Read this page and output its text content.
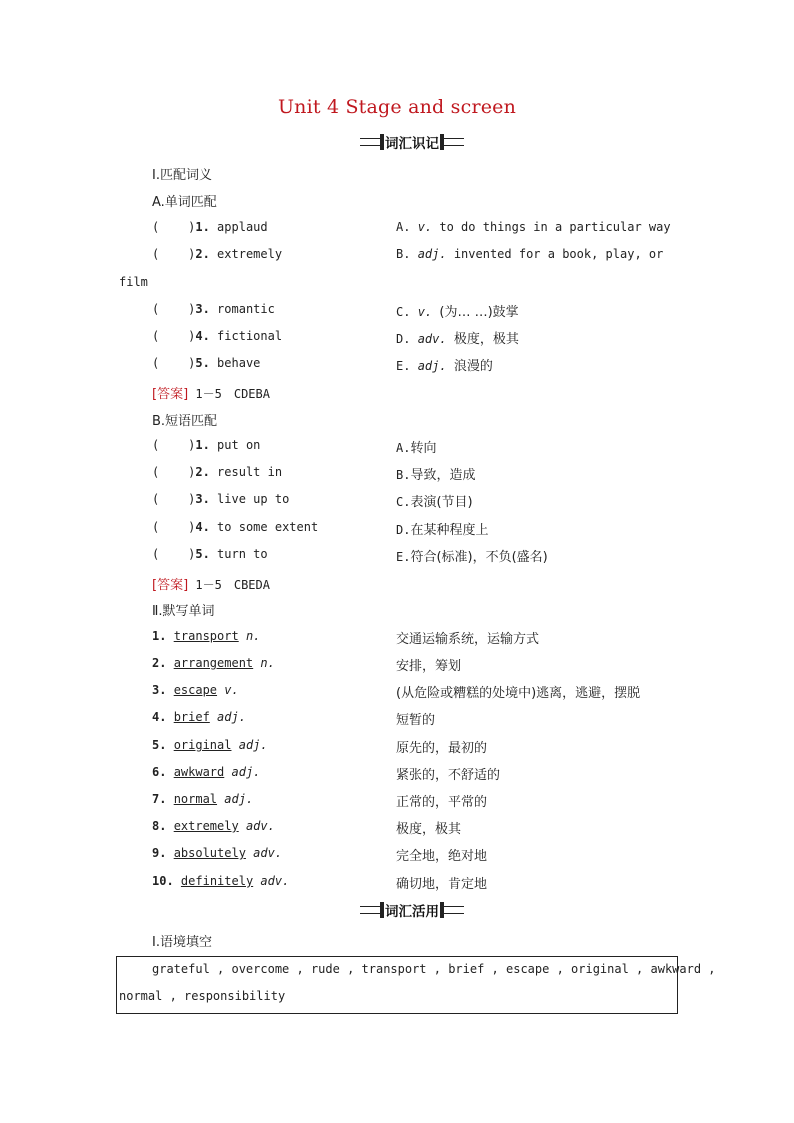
Unit 4 Stage and screen
词汇识记
Ⅰ.匹配词义
A.单词匹配
(    )1. applaud	A. v. to do things in a particular way
(    )2. extremely	B. adj. invented for a book, play, or
film
(    )3. romantic	C. v. (为… …)鼓掌
(    )4. fictional	D. adv. 极度，极其
(    )5. behave	E. adj. 浪漫的
[答案] 1－5　CDEBA
B.短语匹配
(    )1. put on	A.转向
(    )2. result in	B.导致，造成
(    )3. live up to	C.表演(节目)
(    )4. to some extent	D.在某种程度上
(    )5. turn to	E.符合(标准)，不负(盛名)
[答案] 1－5　CBEDA
Ⅱ.默写单词
1. transport n.	交通运输系统，运输方式
2. arrangement n.	安排，筹划
3. escape v.	(从危险或糟糕的处境中)逃离，逃避，摆脱
4. brief adj.	短暂的
5. original adj.	原先的，最初的
6. awkward adj.	紧张的，不舒适的
7. normal adj.	正常的，平常的
8. extremely adv.	极度，极其
9. absolutely adv.	完全地，绝对地
10. definitely adv.	确切地，肯定地
词汇活用
Ⅰ.语境填空
grateful , overcome , rude , transport , brief , escape , original , awkward ,
normal , responsibility
